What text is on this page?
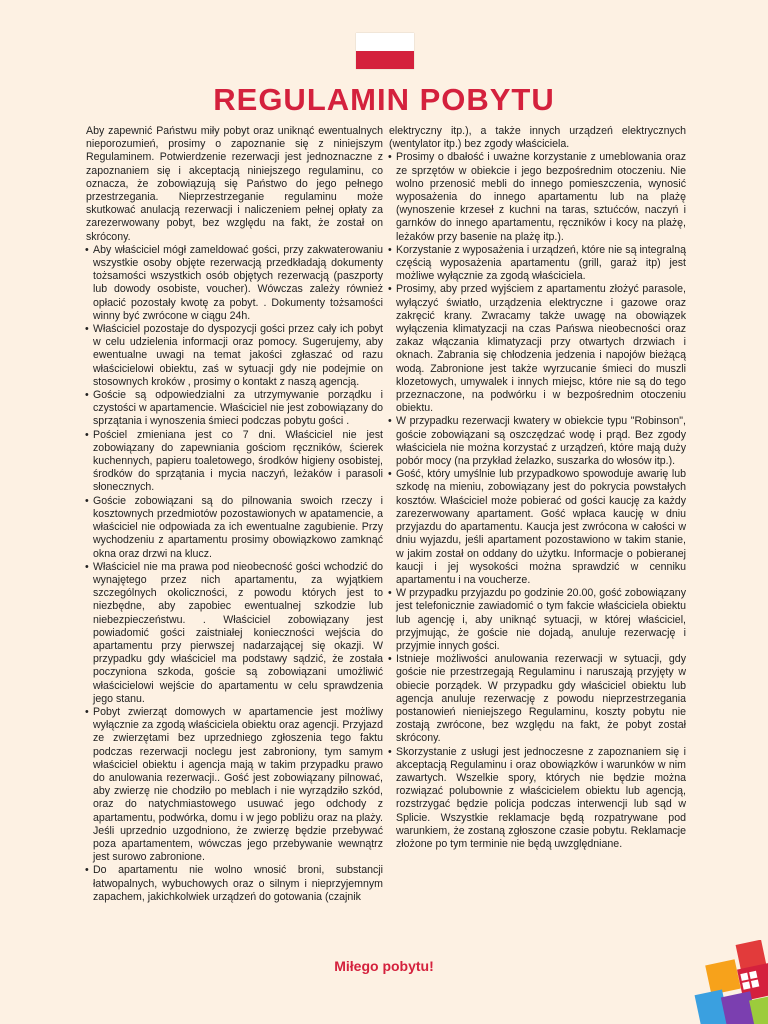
REGULAMIN POBYTU

Aby zapewnić Państwu miły pobyt oraz uniknąć ewentualnych nieporozumień, prosimy o zapoznanie się z niniejszym Regulaminem. Potwierdzenie rezerwacji jest jednoznaczne z zapoznaniem się i akceptacją niniejszego regulaminu, co oznacza, że zobowiązują się Państwo do jego pełnego przestrzegania. Nieprzestrzeganie regulaminu może skutkować anulacją rezerwacji i naliczeniem pełnej opłaty za zarezerwowany pobyt, bez względu na fakt, że został on skrócony.

• Aby właściciel mógł zameldować gości, przy zakwaterowaniu wszystkie osoby objęte rezerwacją przedkładają dokumenty tożsamości wszystkich osób objętych rezerwacją (paszporty lub dowody osobiste, voucher). Wówczas zależy również opłacić pozostały kwotę za pobyt. . Dokumenty tożsamości winny być zwrócone w ciągu 24h.
• Właściciel pozostaje do dyspozycji gości przez cały ich pobyt w celu udzielenia informacji oraz pomocy. Sugerujemy, aby ewentualne uwagi na temat jakości zgłaszać od razu właścicielowi obiektu, zaś w sytuacji gdy nie podejmie on stosownych kroków , prosimy o kontakt z naszą agencją.
• Goście są odpowiedzialni za utrzymywanie porządku i czystości w apartamencie. Właściciel nie jest zobowiązany do sprzątania i wynoszenia śmieci podczas pobytu gości .
• Pościel zmieniana jest co 7 dni. Właściciel nie jest zobowiązany do zapewniania gościom ręczników, ścierek kuchennych, papieru toaletowego, środków higieny osobistej, środków do sprzątania i mycia naczyń, leżaków i parasoli słonecznych.
• Goście zobowiązani są do pilnowania swoich rzeczy i kosztownych przedmiotów pozostawionych w apatamencie, a właściciel nie odpowiada za ich ewentualne zagubienie. Przy wychodzeniu z apartamentu prosimy obowiązkowo zamknąć okna oraz drzwi na klucz.
• Właściciel nie ma prawa pod nieobecność gości wchodzić do wynajętego przez nich apartamentu, za wyjątkiem szczególnych okoliczności, z powodu których jest to niezbędne, aby zapobiec ewentualnej szkodzie lub niebezpieczeństwu. . Właściciel zobowiązany jest powiadomić gości zaistniałej konieczności wejścia do apartamentu przy pierwszej nadarzającej się okazji. W przypadku gdy właściciel ma podstawy sądzić, że została poczyniona szkoda, goście są zobowiązani umożliwić właścicielowi wejście do apartamentu w celu sprawdzenia jego stanu.
• Pobyt zwierząt domowych w apartamencie jest możliwy wyłącznie za zgodą właściciela obiektu oraz agencji. Przyjazd ze zwierzętami bez uprzedniego zgłoszenia tego faktu podczas rezerwacji noclegu jest zabroniony, tym samym właściciel obiektu i agencja mają w takim przypadku prawo do anulowania rezerwacji.. Gość jest zobowiązany pilnować, aby zwierzę nie chodziło po meblach i nie wyrządziło szkód, oraz do natychmiastowego usuwać jego odchody z apartamentu, podwórka, domu i w jego pobliżu oraz na plaży. Jeśli uprzednio uzgodniono, że zwierzę będzie przebywać poza apartamentem, wówczas jego przebywanie wewnątrz jest surowo zabronione.
• Do apartamentu nie wolno wnosić broni, substancji łatwopalnych, wybuchowych oraz o silnym i nieprzyjemnym zapachem, jakichkolwiek urządzeń do gotowania (czajnik
elektryczny itp.), a także innych urządzeń elektrycznych (wentylator itp.) bez zgody właściciela.
• Prosimy o dbałość i uważne korzystanie z umeblowania oraz ze sprzętów w obiekcie i jego bezpośrednim otoczeniu. Nie wolno przenosić mebli do innego pomieszczenia, wynosić wyposażenia do innego apartamentu lub na plażę (wynoszenie krzeseł z kuchni na taras, sztućców, naczyń i garnków do innego apartamentu, ręczników i kocy na plażę, leżaków przy basenie na plażę itp.).
• Korzystanie z wyposażenia i urządzeń, które nie są integralną częścią wyposażenia apartamentu (grill, garaż itp) jest możliwe wyłącznie za zgodą właściciela.
• Prosimy, aby przed wyjściem z apartamentu złożyć parasole, wyłączyć światło, urządzenia elektryczne i gazowe oraz zakręcić krany. Zwracamy także uwagę na obowiązek wyłączenia klimatyzacji na czas Pańswa nieobecności oraz zakaz włączania klimatyzacji przy otwartych drzwiach i oknach. Zabrania się chłodzenia jedzenia i napojów bieżącą wodą. Zabronione jest także wyrzucanie śmieci do muszli klozetowych, umywalek i innych miejsc, które nie są do tego przeznaczone, na podwórku i w bezpośrednim otoczeniu obiektu.
• W przypadku rezerwacji kwatery w obiekcie typu "Robinson", goście zobowiązani są oszczędzać wodę i prąd. Bez zgody właściciela nie można korzystać z urządzeń, które mają duży pobór mocy (na przykład żelazko, suszarka do włosów itp.).
• Gość, który umyślnie lub przypadkowo spowoduje awarię lub szkodę na mieniu, zobowiązany jest do pokrycia powstałych kosztów. Właściciel może pobierać od gości kaucję za każdy zarezerwowany apartament. Gość wpłaca kaucję w dniu przyjazdu do apartamentu. Kaucja jest zwrócona w całości w dniu wyjazdu, jeśli apartament pozostawiono w takim stanie, w jakim został on oddany do użytku. Informacje o pobieranej kaucji i jej wysokości można sprawdzić w cenniku apartamentu i na voucherze.
• W przypadku przyjazdu po godzinie 20.00, gość zobowiązany jest telefonicznie zawiadomić o tym fakcie właściciela obiektu lub agencję i, aby uniknąć sytuacji, w której właściciel, przyjmując, że goście nie dojadą, anuluje rezerwację i przyjmie innych gości.
• Istnieje możliwości anulowania rezerwacji w sytuacji, gdy goście nie przestrzegają Regulaminu i naruszają przyjęty w obiecie porządek. W przypadku gdy właściciel obiektu lub agencja anuluje rezerwację z powodu nieprzestrzegania postanowień nieniejszego Regulaminu, koszty pobytu nie zostają zwrócone, bez względu na fakt, że pobyt został skrócony.
• Skorzystanie z usługi jest jednoczesne z zapoznaniem się i akceptacją Regulaminu i oraz obowiązków i warunków w nim zawartych. Wszelkie spory, których nie będzie można rozwiązać polubownie z właścicielem obiektu lub agencją, rozstrzygać będzie policja podczas interwencji lub sąd w Splicie. Wszystkie reklamacje będą rozpatrywane pod warunkiem, że zostaną zgłoszone czasie pobytu. Reklamacje złożone po tym terminie nie będą uwzględniane.
Miłego pobytu!
